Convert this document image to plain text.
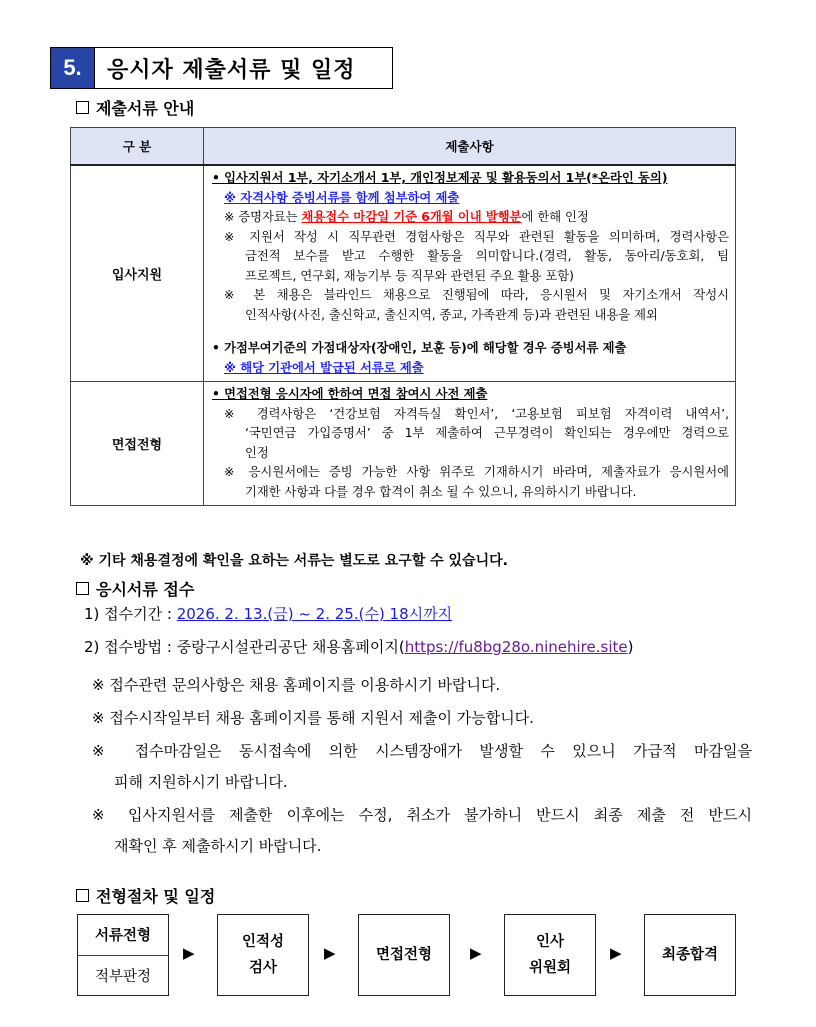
5.	응시자 제출서류 및 일정
제출서류 안내
구 분	제출사항
입사지원	
• 입사지원서 1부, 자기소개서 1부, 개인정보제공 및 활용동의서 1부(*온라인 동의)
※ 자격사항 증빙서류를 함께 첨부하여 제출
※ 증명자료는 채용접수 마감일 기준 6개월 이내 발행분에 한해 인정
※ 지원서 작성 시 직무관련 경험사항은 직무와 관련된 활동을 의미하며, 경력사항은
금전적 보수를 받고 수행한 활동을 의미합니다.(경력, 활동, 동아리/동호회, 팀
프로젝트, 연구회, 재능기부 등 직무와 관련된 주요 활용 포함)
※ 본 채용은 블라인드 채용으로 진행됨에 따라, 응시원서 및 자기소개서 작성시
인적사항(사진, 출신학교, 출신지역, 종교, 가족관계 등)과 관련된 내용을 제외
• 가점부여기준의 가점대상자(장애인, 보훈 등)에 해당할 경우 증빙서류 제출
※ 해당 기관에서 발급된 서류로 제출

면접전형	
• 면접전형 응시자에 한하여 면접 참여시 사전 제출
※ 경력사항은 ‘건강보험 자격득실 확인서’, ‘고용보험 피보험 자격이력 내역서’,
‘국민연금 가입증명서’ 중 1부 제출하여 근무경력이 확인되는 경우에만 경력으로
인정
※ 응시원서에는 증빙 가능한 사항 위주로 기재하시기 바라며, 제출자료가 응시원서에
기재한 사항과 다를 경우 합격이 취소 될 수 있으니, 유의하시기 바랍니다.
※ 기타 채용결정에 확인을 요하는 서류는 별도로 요구할 수 있습니다.
응시서류 접수
1) 접수기간 : 2026. 2. 13.(금) ~ 2. 25.(수) 18시까지
2) 접수방법 : 중랑구시설관리공단 채용홈페이지(https://fu8bg28o.ninehire.site)
※ 접수관련 문의사항은 채용 홈페이지를 이용하시기 바랍니다.
※ 접수시작일부터 채용 홈페이지를 통해 지원서 제출이 가능합니다.
※ 접수마감일은 동시접속에 의한 시스템장애가 발생할 수 있으니 가급적 마감일을
피해 지원하시기 바랍니다.
※ 입사지원서를 제출한 이후에는 수정, 취소가 불가하니 반드시 최종 제출 전 반드시
재확인 후 제출하시기 바랍니다.
전형절차 및 일정
서류전형
적부판정
▶
인적성
검사
▶	면접전형	▶
인사
위원회
▶	최종합격
